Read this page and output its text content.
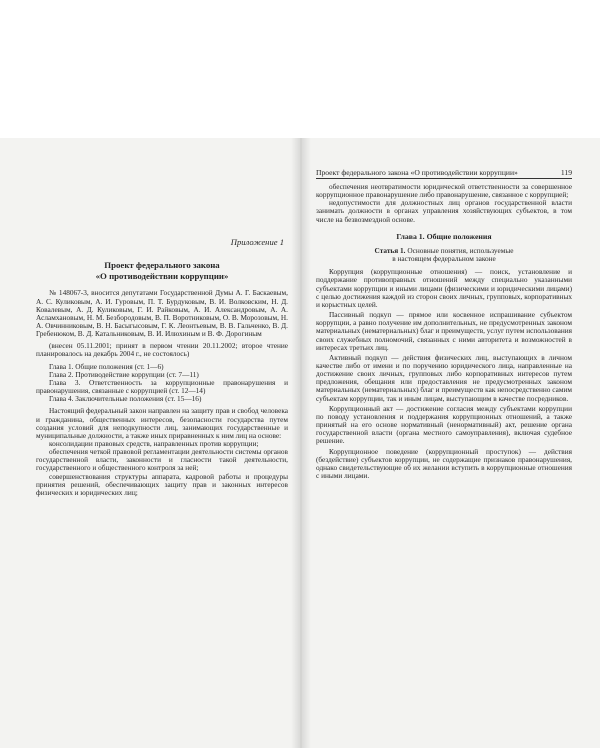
Проект федерального закона «О противодействии коррупции»	119

Приложение 1

Проект федерального закона
«О противодействии коррупции»

№ 148067-3, вносится депутатами Государственной Думы А. Г. Баскаевым, А. С. Куликовым, А. И. Гуровым, П. Т. Бурдуковым, В. И. Волковским, Н. Д. Ковалевым, А. Д. Куликовым, Г. И. Райковым, А. И. Александровым, А. А. Асламхановым, Н. М. Безбородовым, В. П. Воротниковым, О. В. Морозовым, Н. А. Овчинниковым, В. Н. Басыгысовым, Г. К. Леонтьевым, В. В. Гальченко, В. Д. Гребенюком, В. Д. Катальниковым, В. И. Илюхиным и В. Ф. Дорогиным

(внесен 05.11.2001; принят в первом чтении 20.11.2002; второе чтение планировалось на декабрь 2004 г., не состоялось)

Глава 1. Общие положения (ст. 1—6)

Глава 2. Противодействие коррупции (ст. 7—11)

Глава 3. Ответственность за коррупционные правонарушения и правонарушения, связанные с коррупцией (ст. 12—14)

Глава 4. Заключительные положения (ст. 15—16)

Настоящий федеральный закон направлен на защиту прав и свобод человека и гражданина, общественных интересов, безопасности государства путем создания условий для неподкупности лиц, занимающих государственные и муниципальные должности, а также иных приравненных к ним лиц на основе:

консолидации правовых средств, направленных против коррупции;

обеспечения четкой правовой регламентации деятельности системы органов государственной власти, законности и гласности такой деятельности, государственного и общественного контроля за ней;

совершенствования структуры аппарата, кадровой работы и процедуры принятия решений, обеспечивающих защиту прав и законных интересов физических и юридических лиц;

обеспечения неотвратимости юридической ответственности за совершенное коррупционное правонарушение либо правонарушение, связанное с коррупцией;

недопустимости для должностных лиц органов государственной власти занимать должности в органах управления хозяйствующих субъектов, в том числе на безвозмездной основе.

Глава 1. Общие положения
Статья 1. Основные понятия, используемые
в настоящем федеральном законе

Коррупция (коррупционные отношения) — поиск, установление и поддержание противоправных отношений между специально указанными субъектами коррупции и иными лицами (физическими и юридическими лицами) с целью достижения каждой из сторон своих личных, групповых, корпоративных и корыстных целей.

Пассивный подкуп — прямое или косвенное испрашивание субъектом коррупции, а равно получение им дополнительных, не предусмотренных законом материальных (нематериальных) благ и преимуществ, услуг путем использования своих служебных полномочий, связанных с ними авторитета и возможностей в интересах третьих лиц.

Активный подкуп — действия физических лиц, выступающих в личном качестве либо от имени и по поручению юридического лица, направленные на достижение своих личных, групповых либо корпоративных интересов путем предложения, обещания или предоставления не предусмотренных законом материальных (нематериальных) благ и преимуществ как непосредственно самим субъектам коррупции, так и иным лицам, выступающим в качестве посредников.

Коррупционный акт — достижение согласия между субъектами коррупции по поводу установления и поддержания коррупционных отношений, а также принятый на его основе нормативный (ненормативный) акт, решение органа государственной власти (органа местного самоуправления), включая судебное решение.

Коррупционное поведение (коррупционный проступок) — действия (бездействие) субъектов коррупции, не содержащие признаков правонарушения, однако свидетельствующие об их желании вступить в коррупционные отношения с иными лицами.
